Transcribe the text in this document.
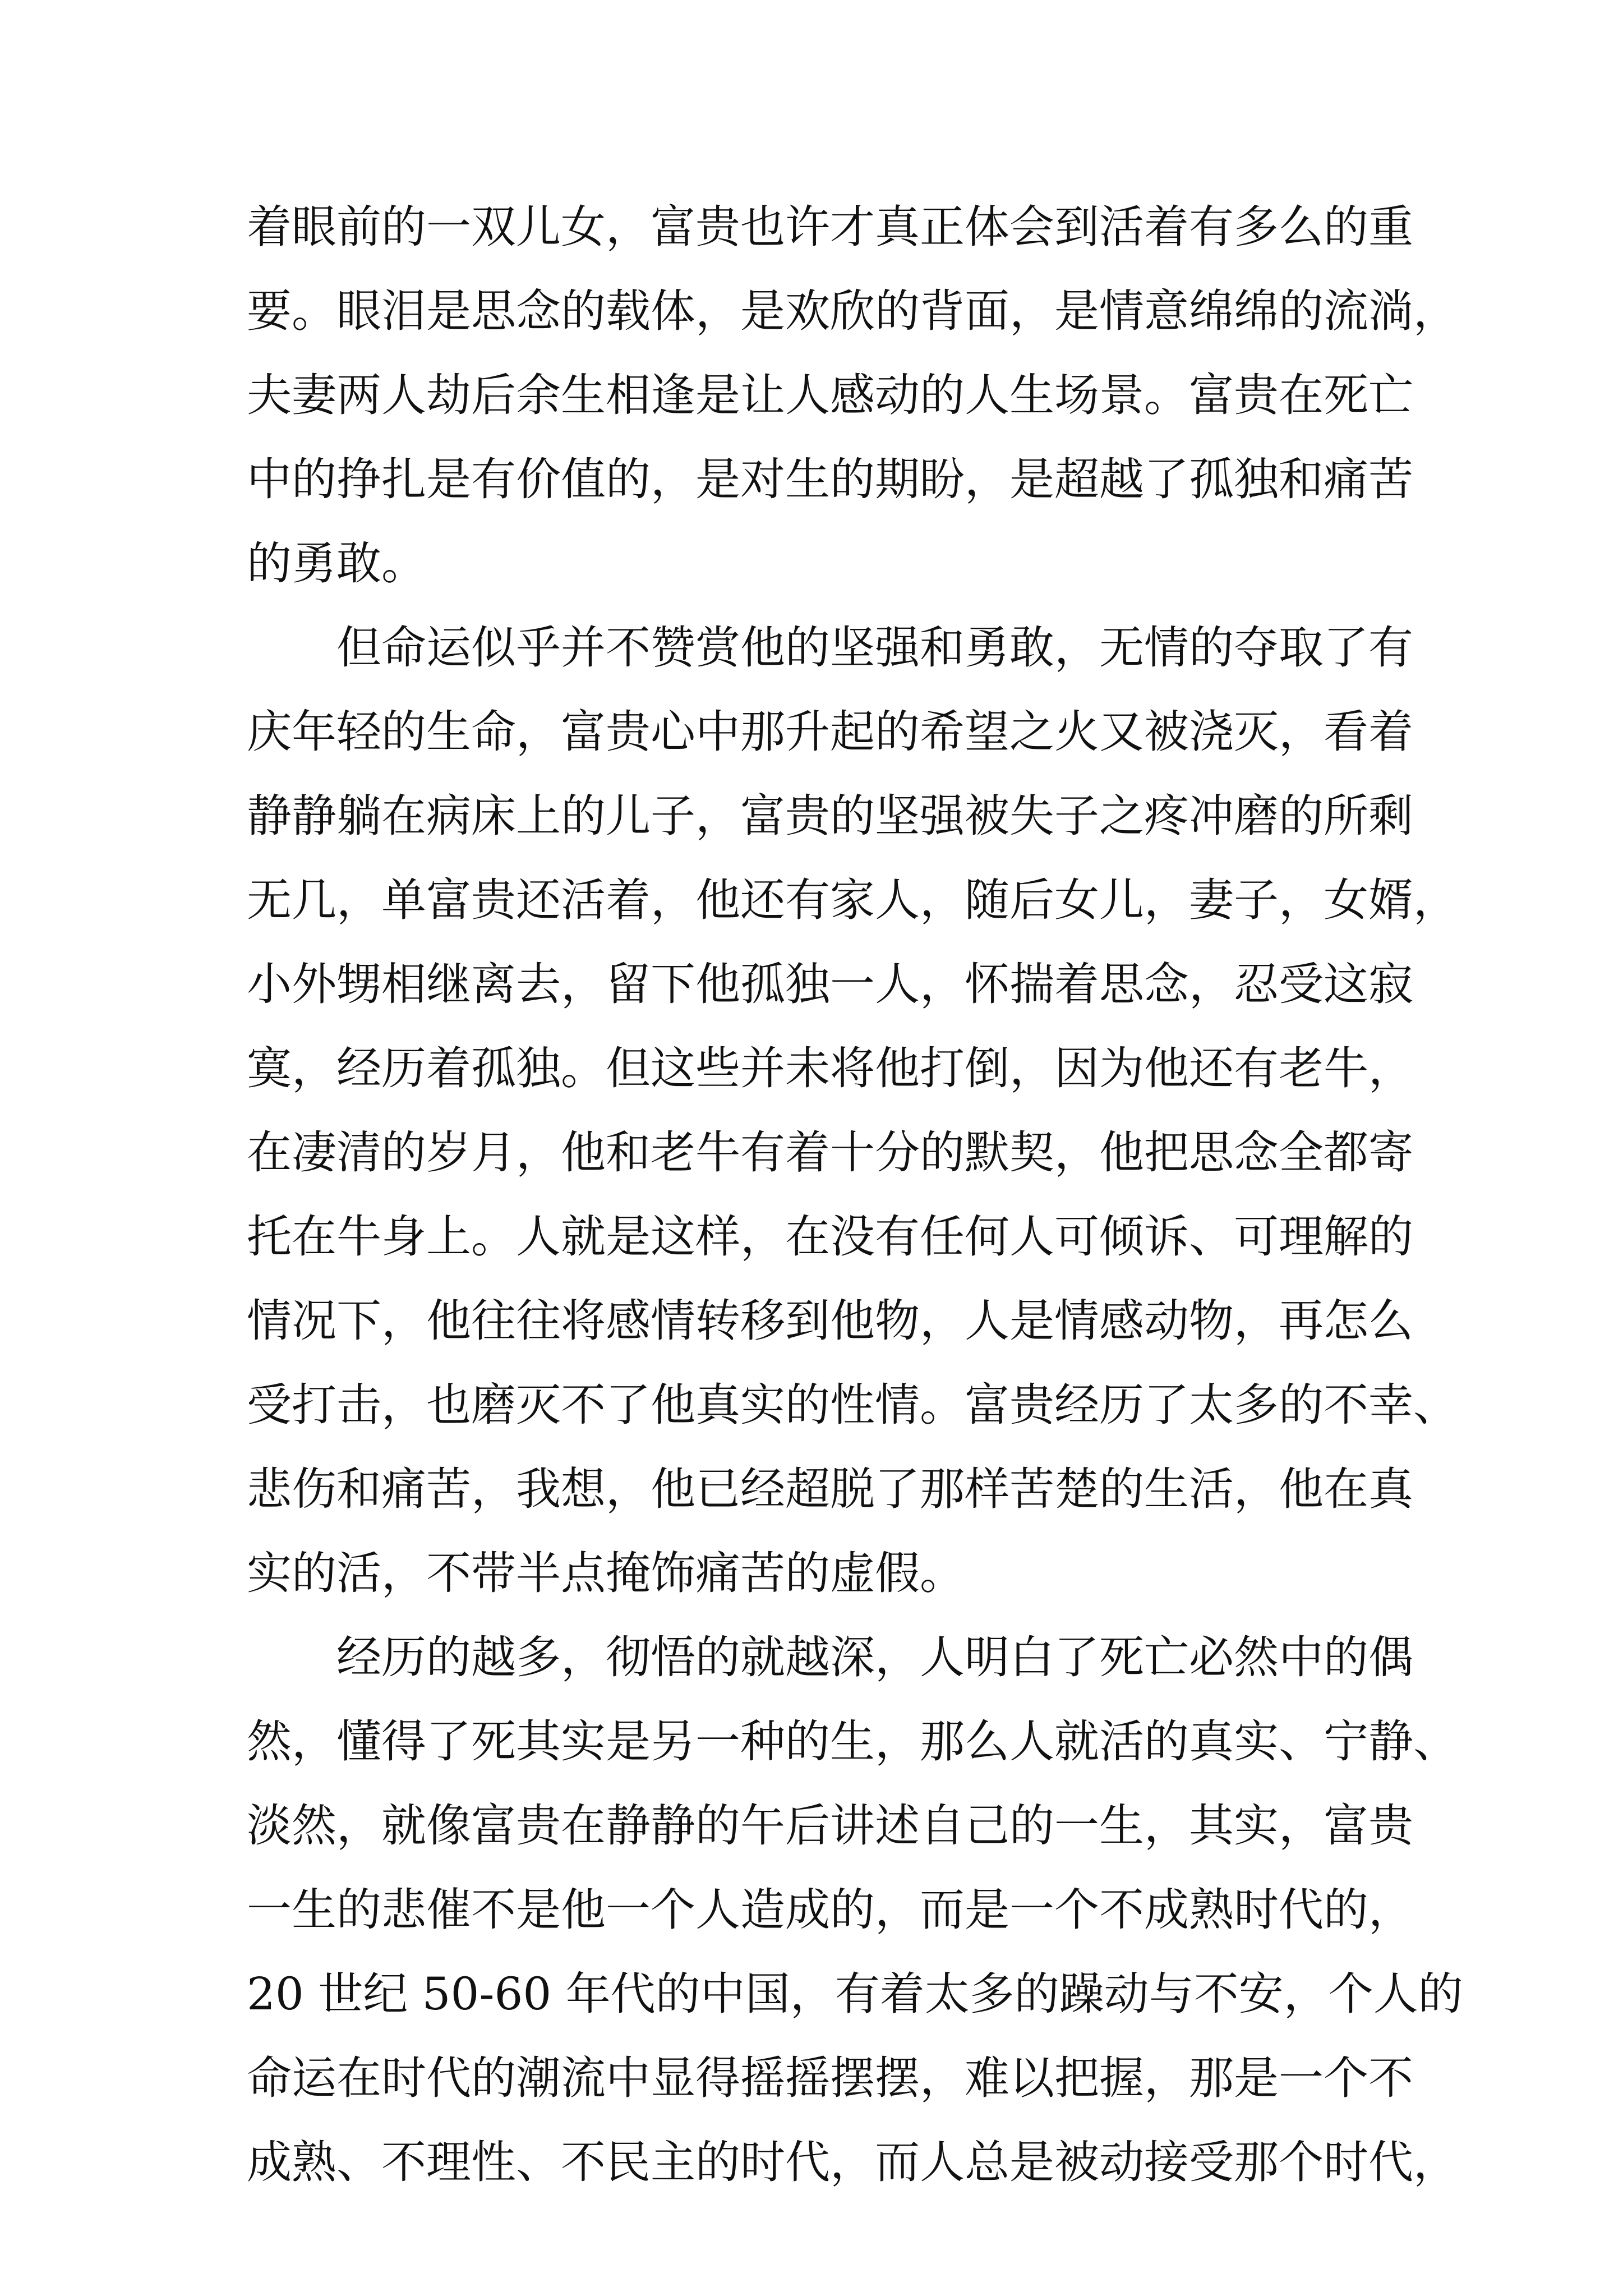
着眼前的一双儿女，富贵也许才真正体会到活着有多么的重
要。眼泪是思念的载体，是欢欣的背面，是情意绵绵的流淌，
夫妻两人劫后余生相逢是让人感动的人生场景。富贵在死亡
中的挣扎是有价值的，是对生的期盼，是超越了孤独和痛苦
的勇敢。
但命运似乎并不赞赏他的坚强和勇敢，无情的夺取了有
庆年轻的生命，富贵心中那升起的希望之火又被浇灭，看着
静静躺在病床上的儿子，富贵的坚强被失子之疼冲磨的所剩
无几，单富贵还活着，他还有家人，随后女儿，妻子，女婿，
小外甥相继离去，留下他孤独一人，怀揣着思念，忍受这寂
寞，经历着孤独。但这些并未将他打倒，因为他还有老牛，
在凄清的岁月，他和老牛有着十分的默契，他把思念全都寄
托在牛身上。人就是这样，在没有任何人可倾诉、可理解的
情况下，他往往将感情转移到他物，人是情感动物，再怎么
受打击，也磨灭不了他真实的性情。富贵经历了太多的不幸、
悲伤和痛苦，我想，他已经超脱了那样苦楚的生活，他在真
实的活，不带半点掩饰痛苦的虚假。
经历的越多，彻悟的就越深，人明白了死亡必然中的偶
然，懂得了死其实是另一种的生，那么人就活的真实、宁静、
淡然，就像富贵在静静的午后讲述自己的一生，其实，富贵
一生的悲催不是他一个人造成的，而是一个不成熟时代的，
20 世纪 50-60 年代的中国，有着太多的躁动与不安，个人的
命运在时代的潮流中显得摇摇摆摆，难以把握，那是一个不
成熟、不理性、不民主的时代，而人总是被动接受那个时代，
